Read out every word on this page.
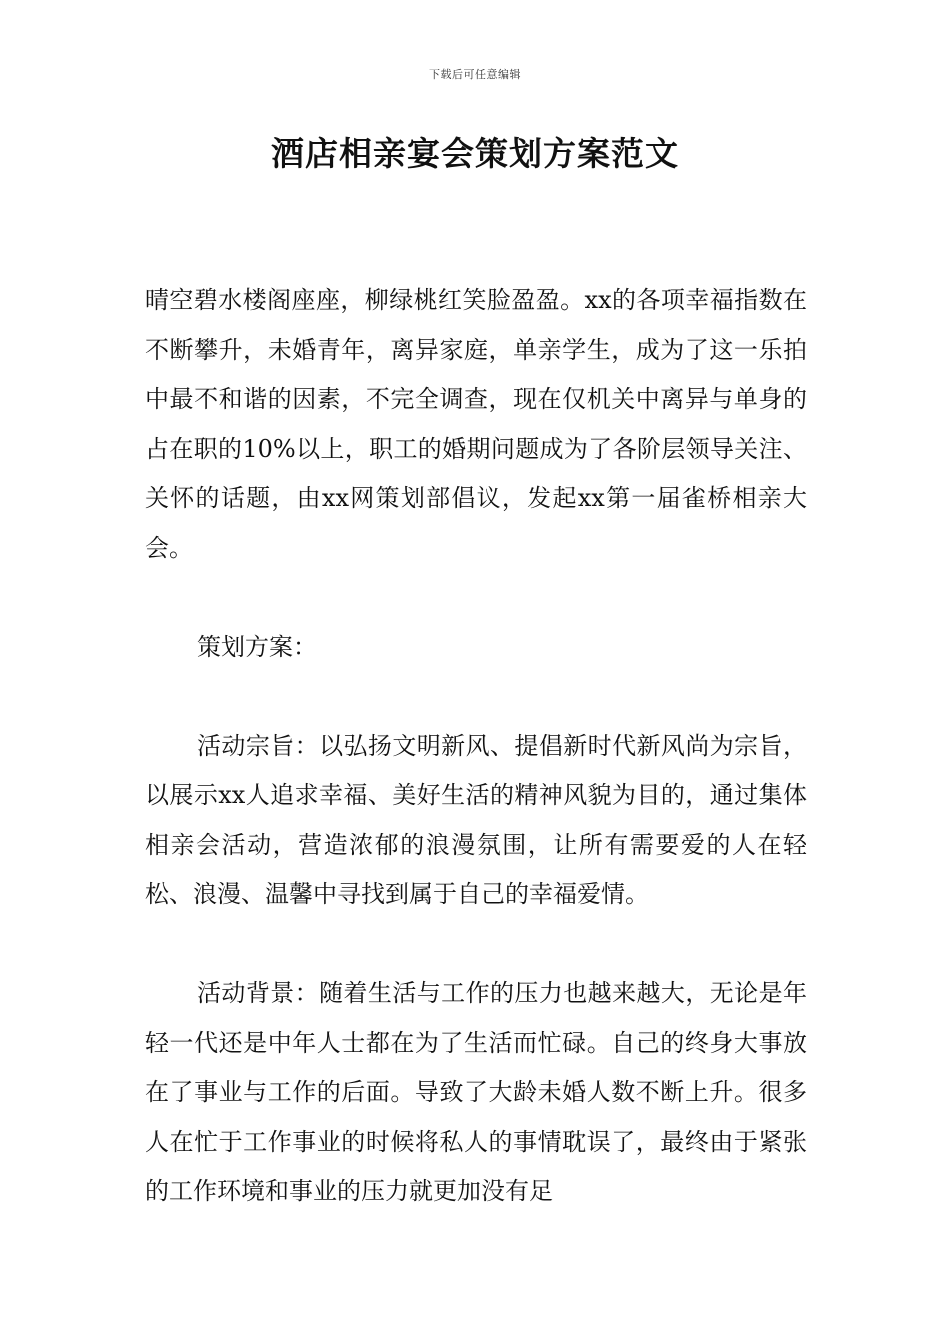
下载后可任意编辑
酒店相亲宴会策划方案范文

晴空碧水楼阁座座，柳绿桃红笑脸盈盈。xx的各项幸福指数在不断攀升，未婚青年，离异家庭，单亲学生，成为了这一乐拍中最不和谐的因素，不完全调查，现在仅机关中离异与单身的占在职的10%以上，职工的婚期问题成为了各阶层领导关注、关怀的话题，由xx网策划部倡议，发起xx第一届雀桥相亲大会。

策划方案：

活动宗旨：以弘扬文明新风、提倡新时代新风尚为宗旨，以展示xx人追求幸福、美好生活的精神风貌为目的，通过集体相亲会活动，营造浓郁的浪漫氛围，让所有需要爱的人在轻松、浪漫、温馨中寻找到属于自己的幸福爱情。

活动背景：随着生活与工作的压力也越来越大，无论是年轻一代还是中年人士都在为了生活而忙碌。自己的终身大事放在了事业与工作的后面。导致了大龄未婚人数不断上升。很多人在忙于工作事业的时候将私人的事情耽误了，最终由于紧张的工作环境和事业的压力就更加没有足
